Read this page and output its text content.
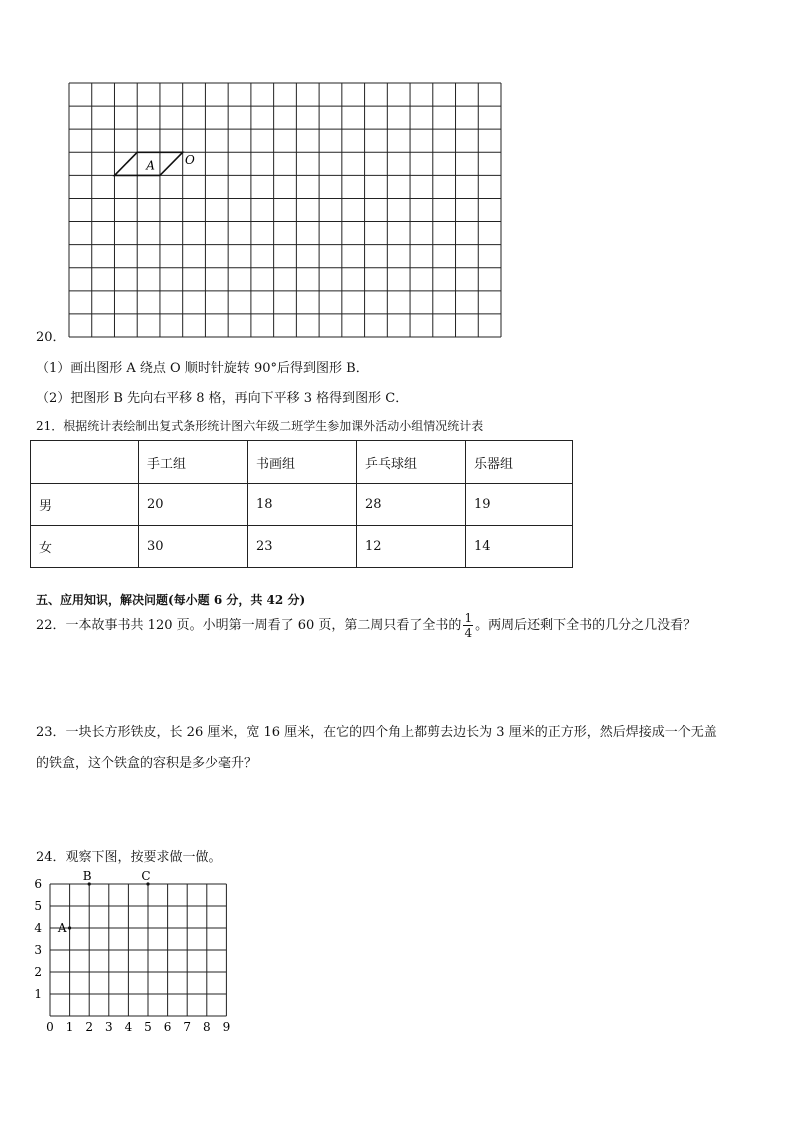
A O
20．
（1）画出图形 A 绕点 O 顺时针旋转 90°后得到图形 B．
（2）把图形 B 先向右平移 8 格，再向下平移 3 格得到图形 C．
21．根据统计表绘制出复式条形统计图六年级二班学生参加课外活动小组情况统计表
	手工组	书画组	乒乓球组	乐器组
男	20	18	28	19
女	30	23	12	14
五、应用知识，解决问题(每小题 6 分，共 42 分)
22．一本故事书共 120 页。小明第一周看了 60 页，第二周只看了全书的 $\frac{1}{4}$ 。两周后还剩下全书的几分之几没看？
23．一块长方形铁皮，长 26 厘米，宽 16 厘米，在它的四个角上都剪去边长为 3 厘米的正方形，然后焊接成一个无盖
的铁盒，这个铁盒的容积是多少毫升？
24．观察下图，按要求做一做。
0 1 2 3 4 5 6 7 8 9
1
2
3
4
5
6
A
B	C
